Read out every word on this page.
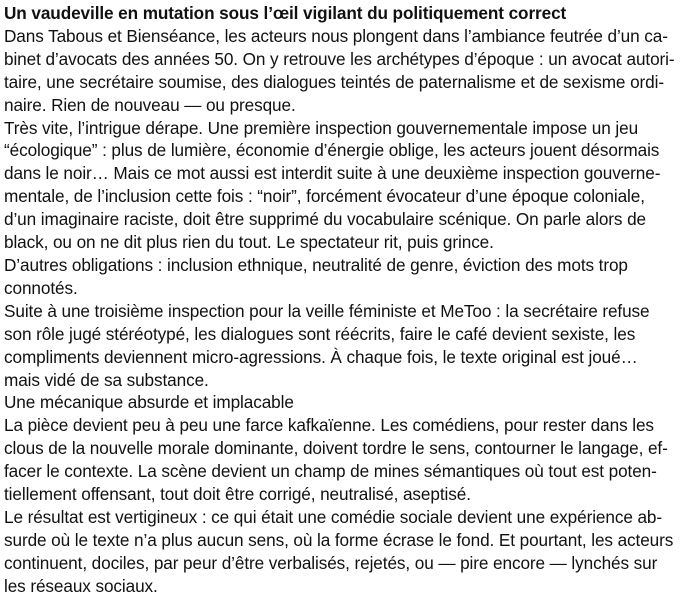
Un vaudeville en mutation sous l’œil vigilant du politiquement correct
Dans Tabous et Bienséance, les acteurs nous plongent dans l’ambiance feutrée d’un ca-
binet d’avocats des années 50. On y retrouve les archétypes d’époque : un avocat autori-
taire, une secrétaire soumise, des dialogues teintés de paternalisme et de sexisme ordi-
naire. Rien de nouveau — ou presque.
Très vite, l’intrigue dérape. Une première inspection gouvernementale impose un jeu
“écologique” : plus de lumière, économie d’énergie oblige, les acteurs jouent désormais
dans le noir… Mais ce mot aussi est interdit suite à une deuxième inspection gouverne-
mentale, de l’inclusion cette fois : “noir”, forcément évocateur d’une époque coloniale,
d’un imaginaire raciste, doit être supprimé du vocabulaire scénique. On parle alors de
black, ou on ne dit plus rien du tout. Le spectateur rit, puis grince.
D’autres obligations : inclusion ethnique, neutralité de genre, éviction des mots trop
connotés.
Suite à une troisième inspection pour la veille féministe et MeToo : la secrétaire refuse
son rôle jugé stéréotypé, les dialogues sont réécrits, faire le café devient sexiste, les
compliments deviennent micro-agressions. À chaque fois, le texte original est joué…
mais vidé de sa substance.
Une mécanique absurde et implacable
La pièce devient peu à peu une farce kafkaïenne. Les comédiens, pour rester dans les
clous de la nouvelle morale dominante, doivent tordre le sens, contourner le langage, ef-
facer le contexte. La scène devient un champ de mines sémantiques où tout est poten-
tiellement offensant, tout doit être corrigé, neutralisé, aseptisé.
Le résultat est vertigineux : ce qui était une comédie sociale devient une expérience ab-
surde où le texte n’a plus aucun sens, où la forme écrase le fond. Et pourtant, les acteurs
continuent, dociles, par peur d’être verbalisés, rejetés, ou — pire encore — lynchés sur
les réseaux sociaux.
